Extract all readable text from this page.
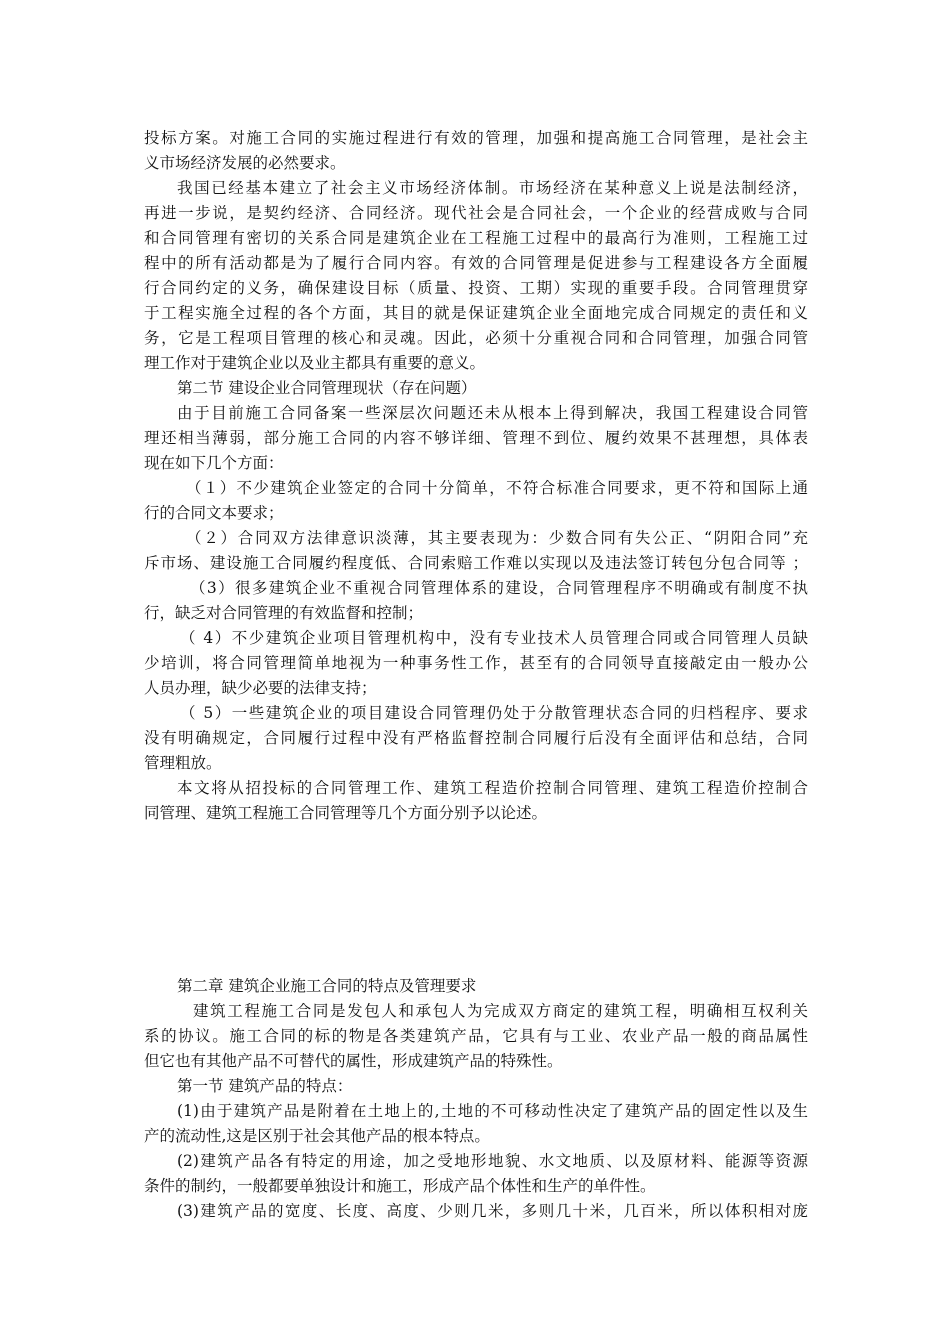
投标方案。对施工合同的实施过程进行有效的管理，加强和提高施工合同管理，是社会主
义市场经济发展的必然要求。
我国已经基本建立了社会主义市场经济体制。市场经济在某种意义上说是法制经济，
再进一步说，是契约经济、合同经济。现代社会是合同社会，一个企业的经营成败与合同
和合同管理有密切的关系合同是建筑企业在工程施工过程中的最高行为准则，工程施工过
程中的所有活动都是为了履行合同内容。有效的合同管理是促进参与工程建设各方全面履
行合同约定的义务，确保建设目标（质量、投资、工期）实现的重要手段。合同管理贯穿
于工程实施全过程的各个方面，其目的就是保证建筑企业全面地完成合同规定的责任和义
务，它是工程项目管理的核心和灵魂。因此，必须十分重视合同和合同管理，加强合同管
理工作对于建筑企业以及业主都具有重要的意义。
第二节 建设企业合同管理现状（存在问题）
由于目前施工合同备案一些深层次问题还未从根本上得到解决，我国工程建设合同管
理还相当薄弱，部分施工合同的内容不够详细、管理不到位、履约效果不甚理想，具体表
现在如下几个方面：
（１）不少建筑企业签定的合同十分简单，不符合标准合同要求，更不符和国际上通
行的合同文本要求；
（２）合同双方法律意识淡薄，其主要表现为：少数合同有失公正、“阴阳合同”充
斥市场、建设施工合同履约程度低、合同索赔工作难以实现以及违法签订转包分包合同等 ；
（3）很多建筑企业不重视合同管理体系的建设，合同管理程序不明确或有制度不执
行，缺乏对合同管理的有效监督和控制；
（ 4）不少建筑企业项目管理机构中，没有专业技术人员管理合同或合同管理人员缺
少培训，将合同管理简单地视为一种事务性工作，甚至有的合同领导直接敲定由一般办公
人员办理，缺少必要的法律支持；
（ 5）一些建筑企业的项目建设合同管理仍处于分散管理状态合同的归档程序、要求
没有明确规定，合同履行过程中没有严格监督控制合同履行后没有全面评估和总结，合同
管理粗放。
本文将从招投标的合同管理工作、建筑工程造价控制合同管理、建筑工程造价控制合
同管理、建筑工程施工合同管理等几个方面分别予以论述。
第二章 建筑企业施工合同的特点及管理要求
建筑工程施工合同是发包人和承包人为完成双方商定的建筑工程，明确相互权利关
系的协议。施工合同的标的物是各类建筑产品，它具有与工业、农业产品一般的商品属性
但它也有其他产品不可替代的属性，形成建筑产品的特殊性。
第一节 建筑产品的特点：
(1)由于建筑产品是附着在土地上的,土地的不可移动性决定了建筑产品的固定性以及生
产的流动性,这是区别于社会其他产品的根本特点。
(2)建筑产品各有特定的用途，加之受地形地貌、水文地质、以及原材料、能源等资源
条件的制约，一般都要单独设计和施工，形成产品个体性和生产的单件性。
(3)建筑产品的宽度、长度、高度、少则几米，多则几十米，几百米，所以体积相对庞
